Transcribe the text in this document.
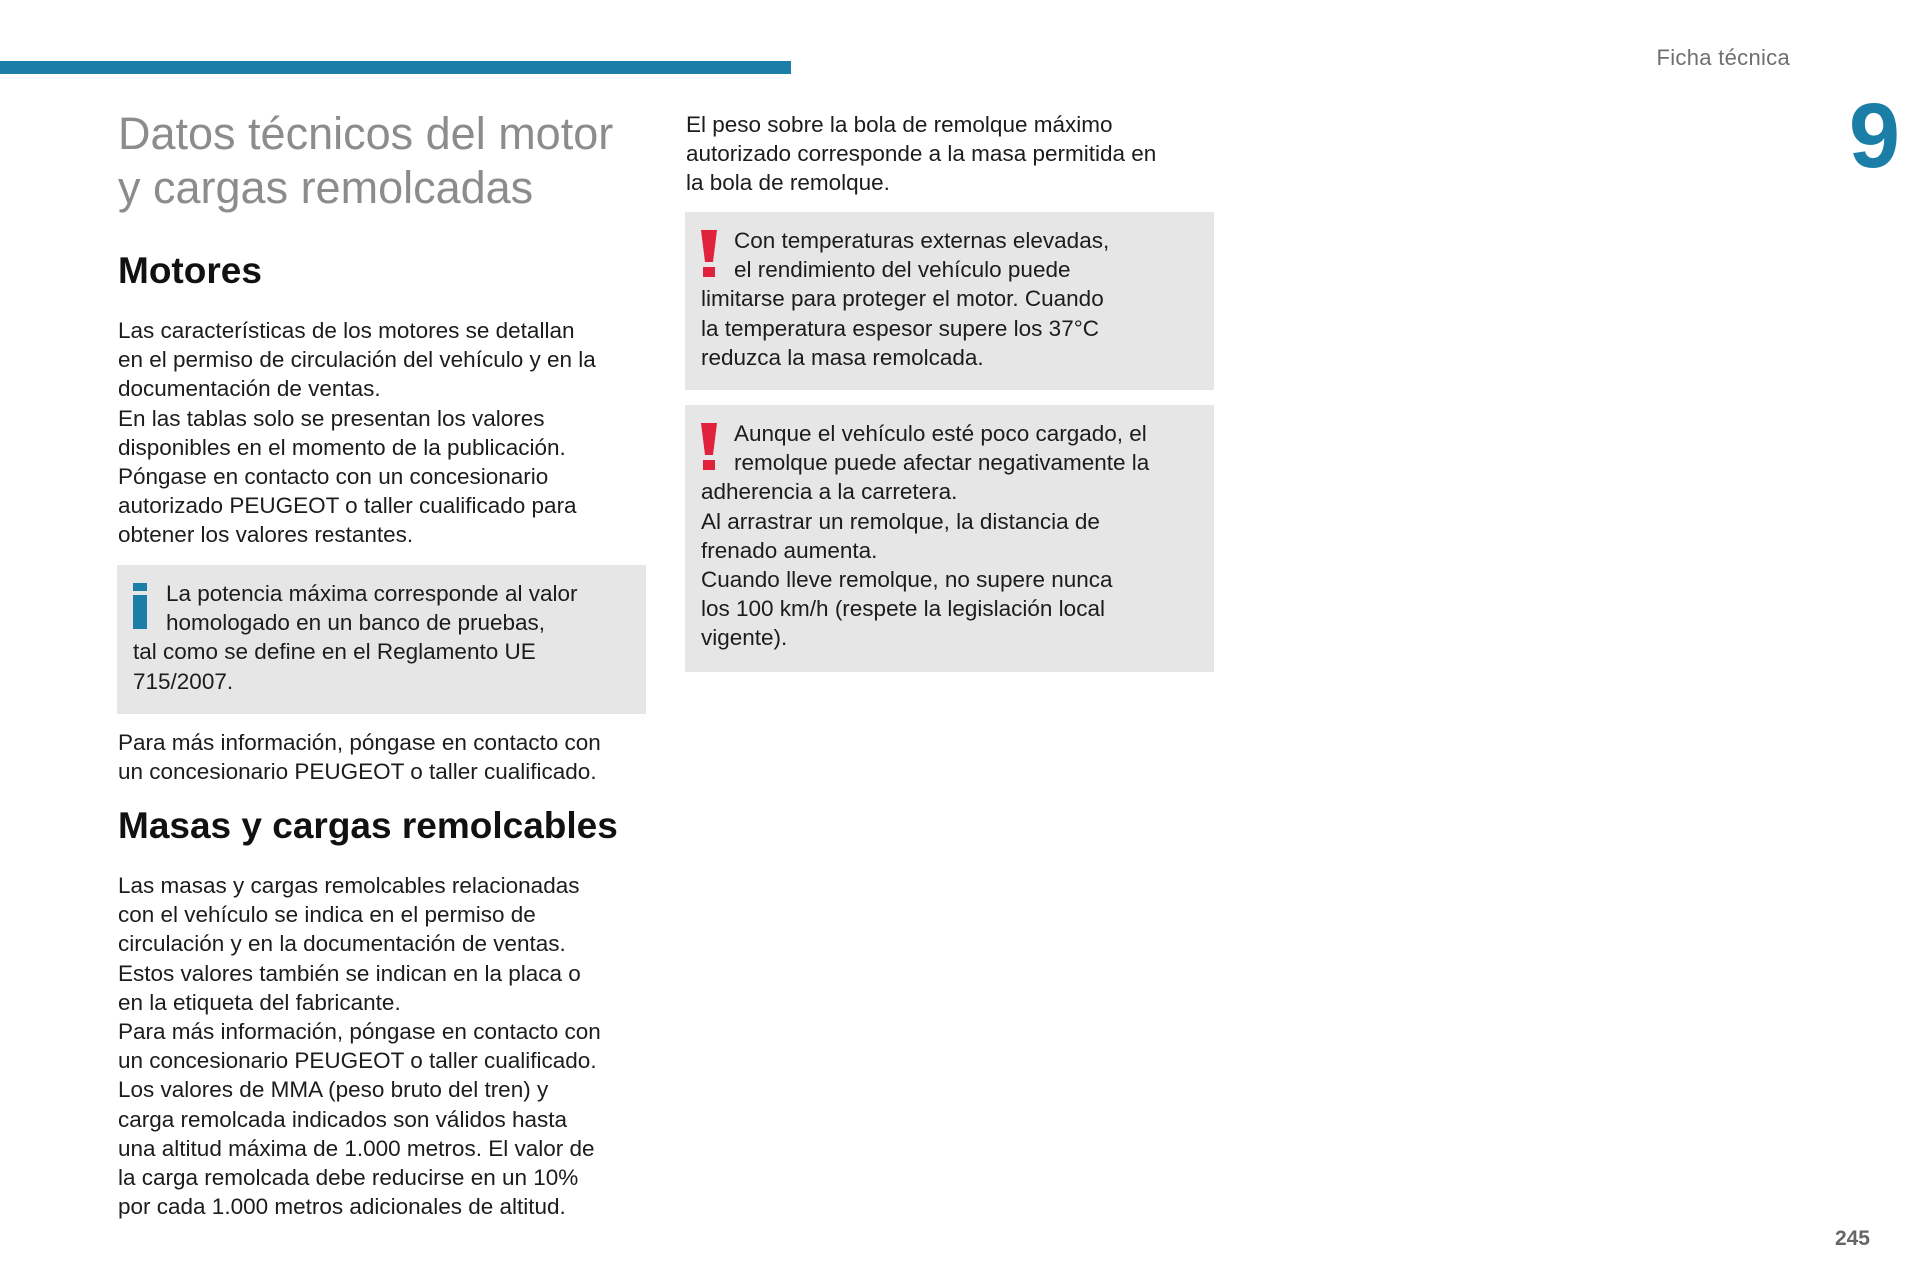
Ficha técnica
9
Datos técnicos del motor
y cargas remolcadas
Motores

Las características de los motores se detallan
en el permiso de circulación del vehículo y en la
documentación de ventas.
En las tablas solo se presentan los valores
disponibles en el momento de la publicación.
Póngase en contacto con un concesionario
autorizado PEUGEOT o taller cualificado para
obtener los valores restantes.

La potencia máxima corresponde al valor
homologado en un banco de pruebas,
tal como se define en el Reglamento UE
715/2007.

Para más información, póngase en contacto con
un concesionario PEUGEOT o taller cualificado.

Masas y cargas remolcables

Las masas y cargas remolcables relacionadas
con el vehículo se indica en el permiso de
circulación y en la documentación de ventas.
Estos valores también se indican en la placa o
en la etiqueta del fabricante.
Para más información, póngase en contacto con
un concesionario PEUGEOT o taller cualificado.
Los valores de MMA (peso bruto del tren) y
carga remolcada indicados son válidos hasta
una altitud máxima de 1.000 metros. El valor de
la carga remolcada debe reducirse en un 10%
por cada 1.000 metros adicionales de altitud.

El peso sobre la bola de remolque máximo
autorizado corresponde a la masa permitida en
la bola de remolque.

Con temperaturas externas elevadas,
el rendimiento del vehículo puede
limitarse para proteger el motor. Cuando
la temperatura espesor supere los 37°C
reduzca la masa remolcada.

Aunque el vehículo esté poco cargado, el
remolque puede afectar negativamente la
adherencia a la carretera.
Al arrastrar un remolque, la distancia de
frenado aumenta.
Cuando lleve remolque, no supere nunca
los 100 km/h (respete la legislación local
vigente).

245
